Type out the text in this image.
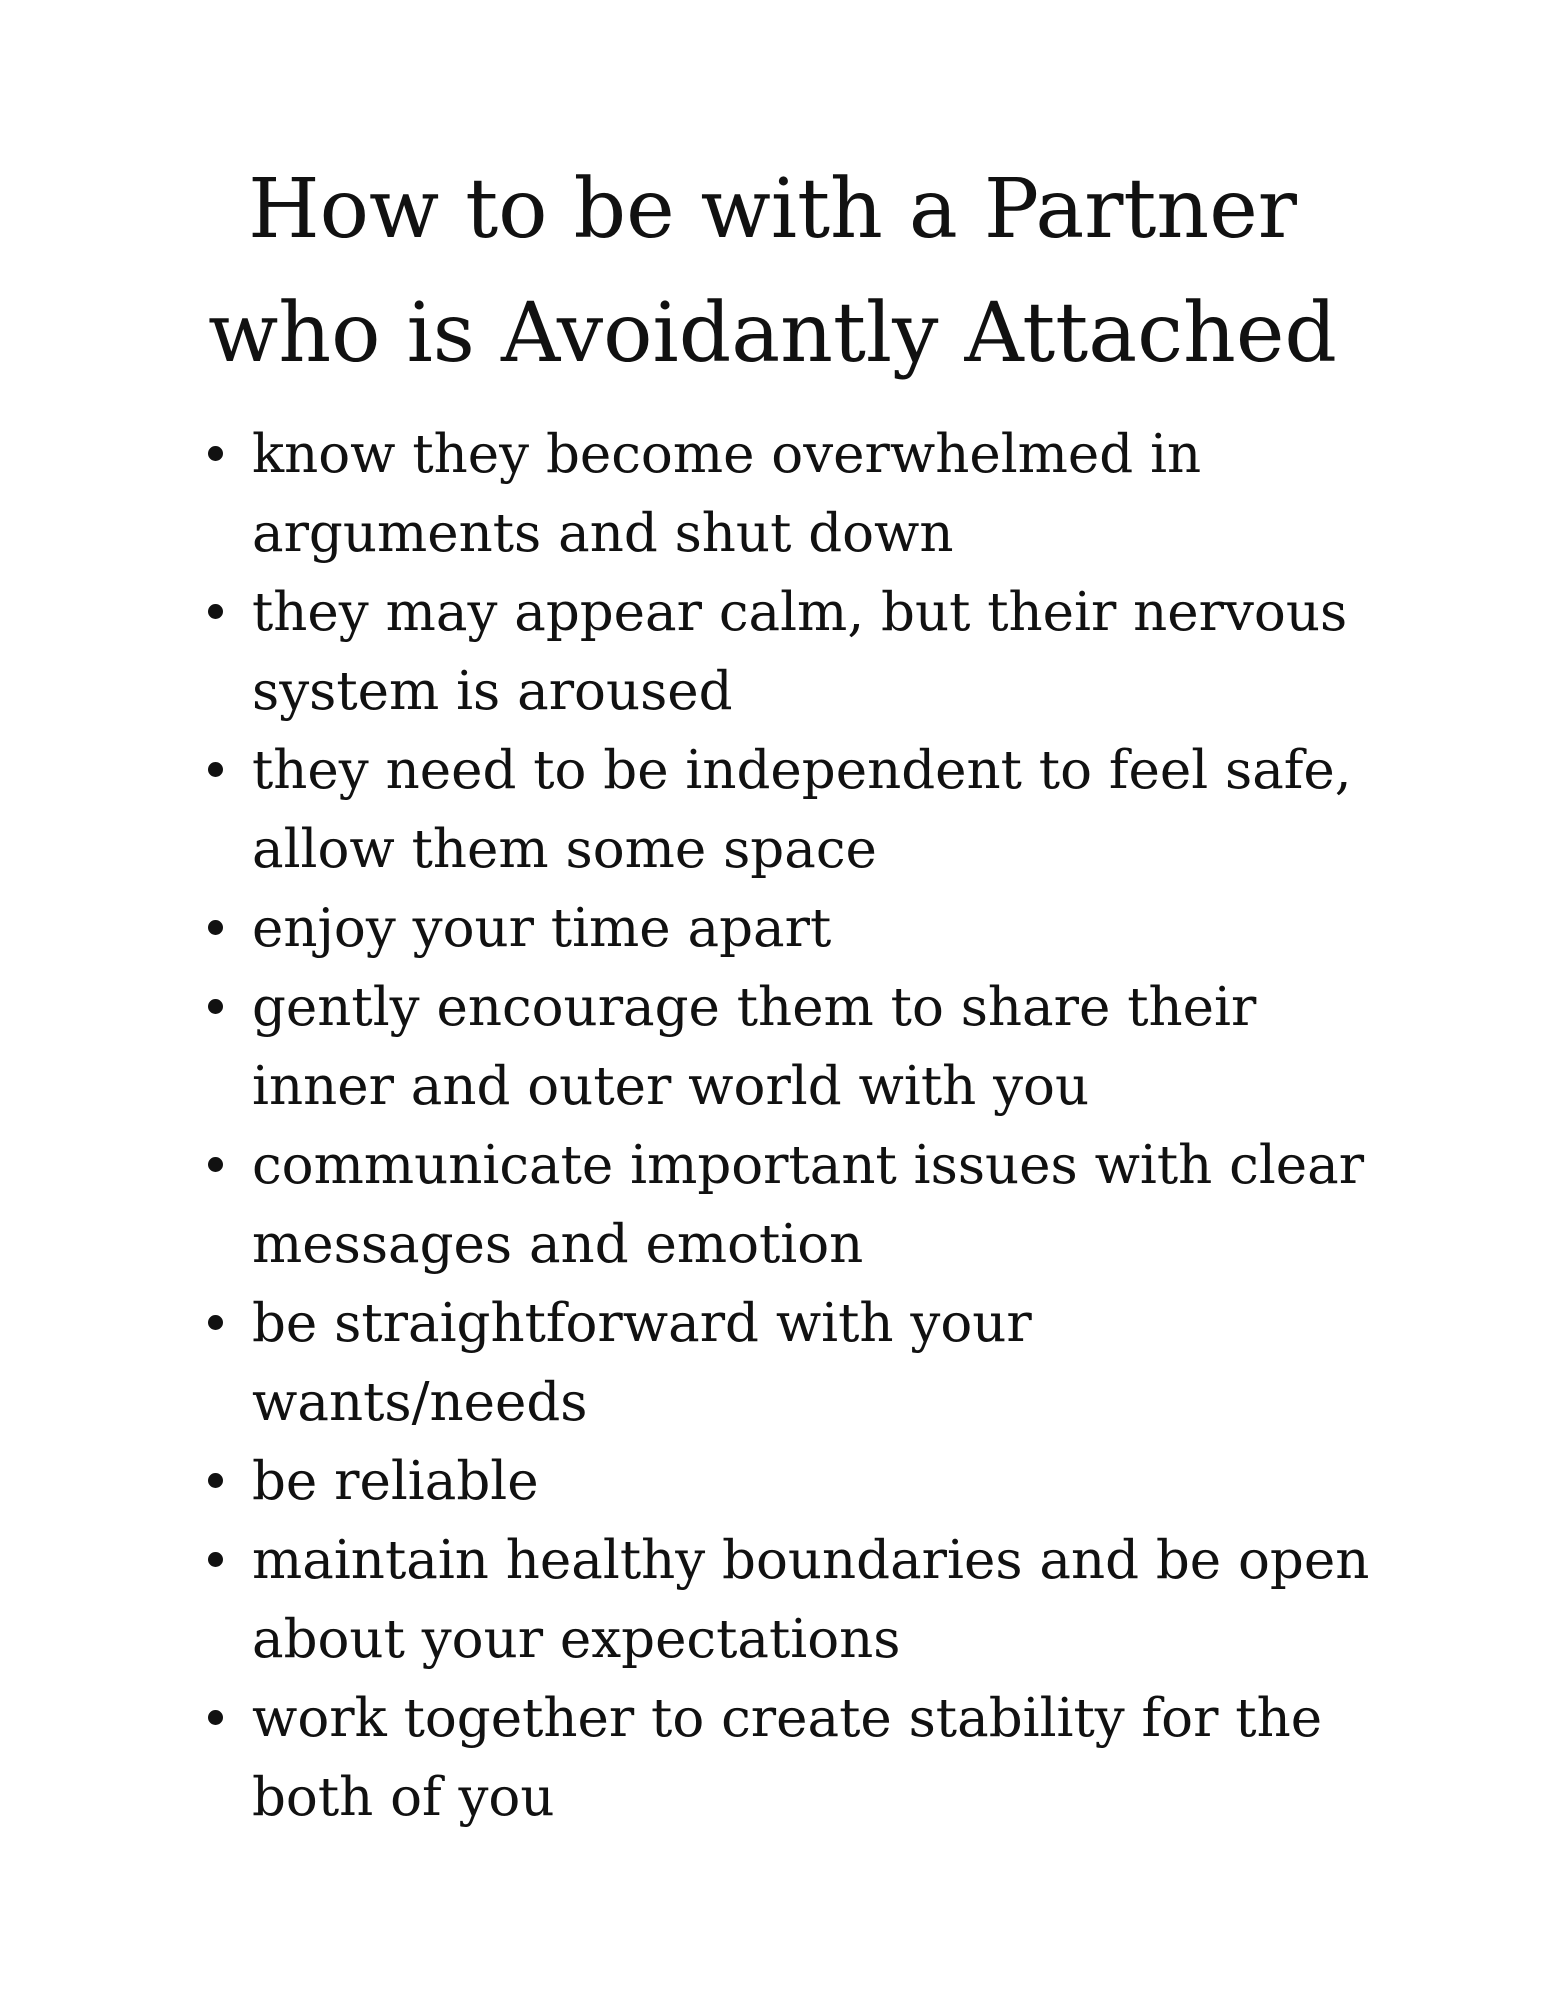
How to be with a Partner
who is Avoidantly Attached
know they become overwhelmed in
arguments and shut down
they may appear calm, but their nervous
system is aroused
they need to be independent to feel safe,
allow them some space
enjoy your time apart
gently encourage them to share their
inner and outer world with you
communicate important issues with clear
messages and emotion
be straightforward with your
wants/needs
be reliable
maintain healthy boundaries and be open
about your expectations
work together to create stability for the
both of you
